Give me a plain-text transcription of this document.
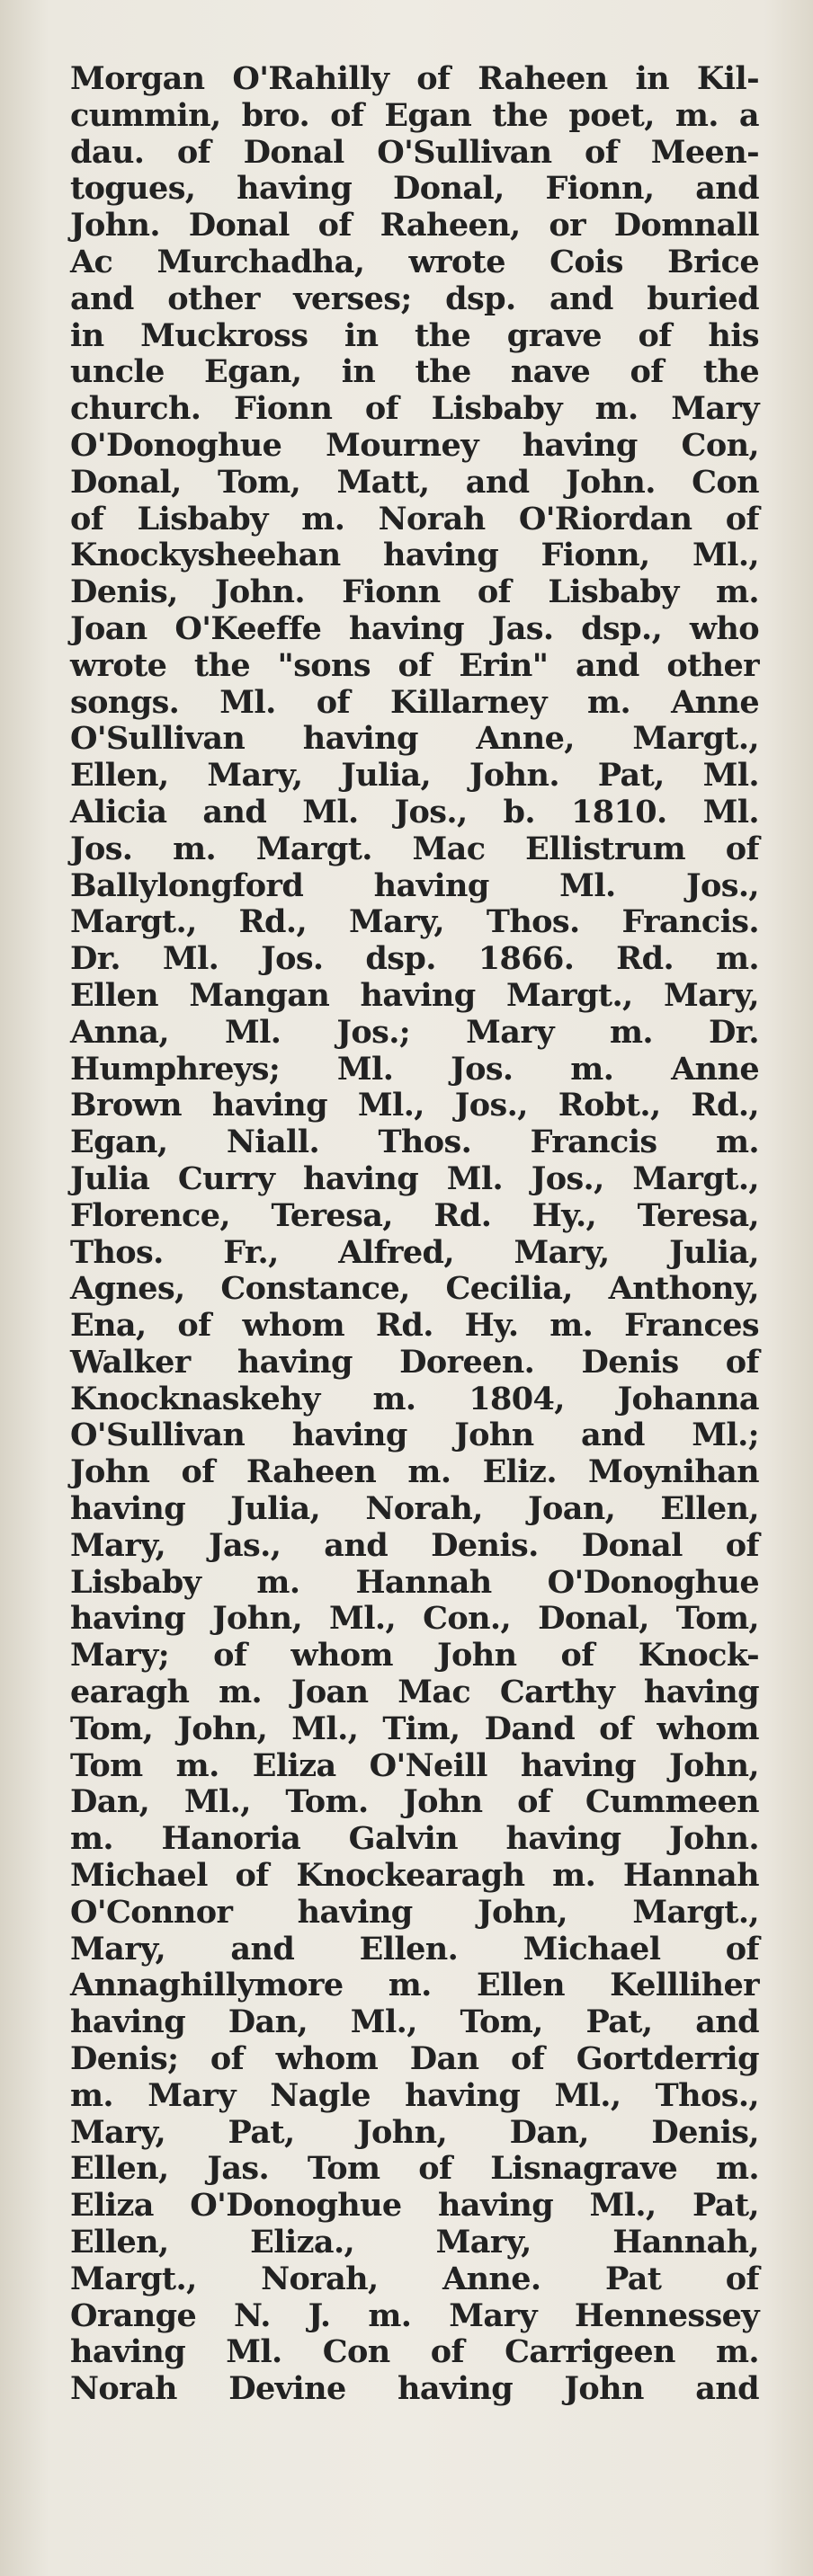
Morgan O'Rahilly of Raheen in Kil-
cummin, bro. of Egan the poet, m. a
dau. of Donal O'Sullivan of Meen-
togues, having Donal, Fionn, and
John. Donal of Raheen, or Domnall
Ac Murchadha, wrote Cois Brice
and other verses; dsp. and buried
in Muckross in the grave of his
uncle Egan, in the nave of the
church. Fionn of Lisbaby m. Mary
O'Donoghue Mourney having Con,
Donal, Tom, Matt, and John. Con
of Lisbaby m. Norah O'Riordan of
Knockysheehan having Fionn, Ml.,
Denis, John. Fionn of Lisbaby m.
Joan O'Keeffe having Jas. dsp., who
wrote the "sons of Erin" and other
songs. Ml. of Killarney m. Anne
O'Sullivan having Anne, Margt.,
Ellen, Mary, Julia, John. Pat, Ml.
Alicia and Ml. Jos., b. 1810. Ml.
Jos. m. Margt. Mac Ellistrum of
Ballylongford having Ml. Jos.,
Margt., Rd., Mary, Thos. Francis.
Dr. Ml. Jos. dsp. 1866. Rd. m.
Ellen Mangan having Margt., Mary,
Anna, Ml. Jos.; Mary m. Dr.
Humphreys; Ml. Jos. m. Anne
Brown having Ml., Jos., Robt., Rd.,
Egan, Niall. Thos. Francis m.
Julia Curry having Ml. Jos., Margt.,
Florence, Teresa, Rd. Hy., Teresa,
Thos. Fr., Alfred, Mary, Julia,
Agnes, Constance, Cecilia, Anthony,
Ena, of whom Rd. Hy. m. Frances
Walker having Doreen. Denis of
Knocknaskehy m. 1804, Johanna
O'Sullivan having John and Ml.;
John of Raheen m. Eliz. Moynihan
having Julia, Norah, Joan, Ellen,
Mary, Jas., and Denis. Donal of
Lisbaby m. Hannah O'Donoghue
having John, Ml., Con., Donal, Tom,
Mary; of whom John of Knock-
earagh m. Joan Mac Carthy having
Tom, John, Ml., Tim, Dand of whom
Tom m. Eliza O'Neill having John,
Dan, Ml., Tom. John of Cummeen
m. Hanoria Galvin having John.
Michael of Knockearagh m. Hannah
O'Connor having John, Margt.,
Mary, and Ellen. Michael of
Annaghillymore m. Ellen Kellliher
having Dan, Ml., Tom, Pat, and
Denis; of whom Dan of Gortderrig
m. Mary Nagle having Ml., Thos.,
Mary, Pat, John, Dan, Denis,
Ellen, Jas. Tom of Lisnagrave m.
Eliza O'Donoghue having Ml., Pat,
Ellen, Eliza., Mary, Hannah,
Margt., Norah, Anne. Pat of
Orange N. J. m. Mary Hennessey
having Ml. Con of Carrigeen m.
Norah Devine having John and
